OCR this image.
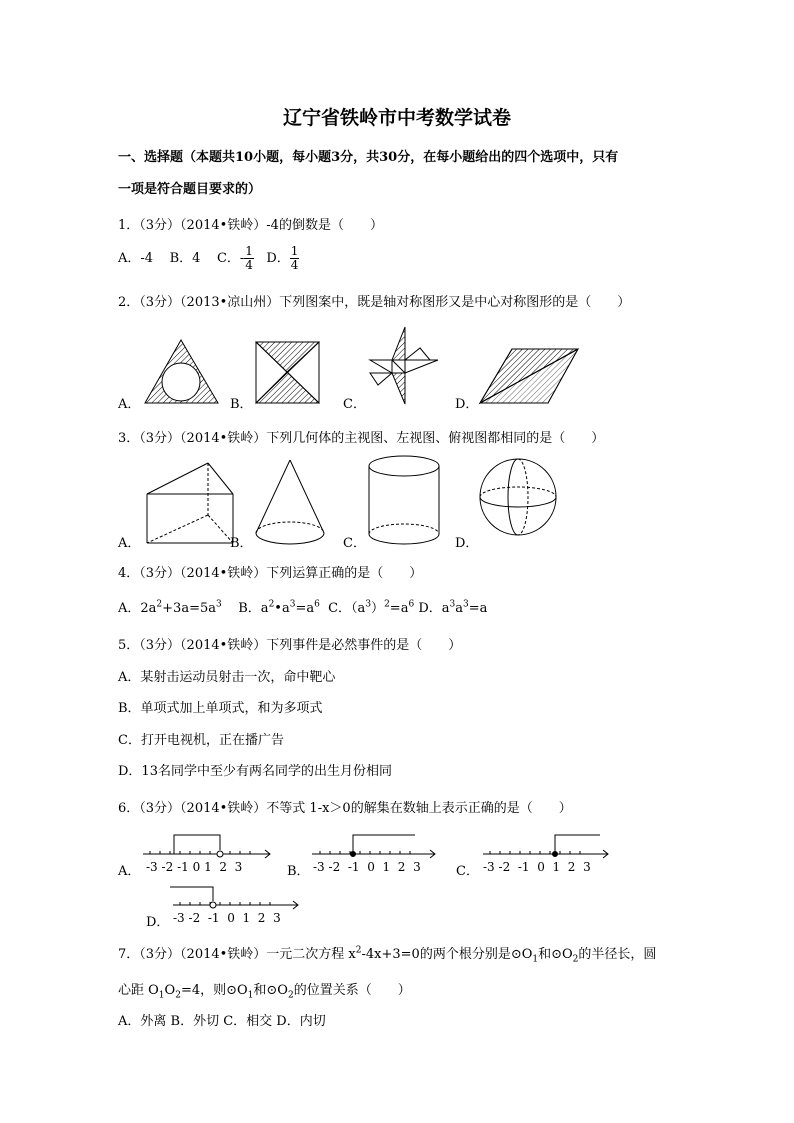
辽宁省铁岭市中考数学试卷
一、选择题（本题共10小题，每小题3分，共30分，在每小题给出的四个选项中，只有
一项是符合题目要求的）
1．（3分）（2014•铁岭）-4的倒数是（　　）
A．-4 B．4 C．- $\frac{1}{4}$ D． $\frac{1}{4}$
2．（3分）（2013•凉山州）下列图案中，既是轴对称图形又是中心对称图形的是（　　）
A．	B．	C．	D．
3．（3分）（2014•铁岭）下列几何体的主视图、左视图、俯视图都相同的是（　　）
A．	B．	C．	D．
4．（3分）（2014•铁岭）下列运算正确的是（　　）
A．$2a^2+3a=5a^3$ B．$a^2•a^3=a^6$ C．$(a^3)^2=a^6$ D．$a^3a^3=a$
5．（3分）（2014•铁岭）下列事件是必然事件的是（　　）
A．某射击运动员射击一次，命中靶心
B．单项式加上单项式，和为多项式
C．打开电视机，正在播广告
D．13名同学中至少有两名同学的出生月份相同
6．（3分）（2014•铁岭）不等式 1-x＞0的解集在数轴上表示正确的是（　　）
A．	B．	C．
D．
-3 -2 -1 0 1 2 3	-3 -2 -1 0 1 2 3	-3 -2 -1 0 1 2 3
-3 -2 -1 0 1 2 3
7．（3分）（2014•铁岭）一元二次方程 $x^2-4x+3=0$的两个根分别是$⊙O_1$和$⊙O_2$的半径长，圆
心距 $O_1O_2=4$，则$⊙O_1$和$⊙O_2$的位置关系（　　）
A．外离 B．外切 C．相交 D．内切
